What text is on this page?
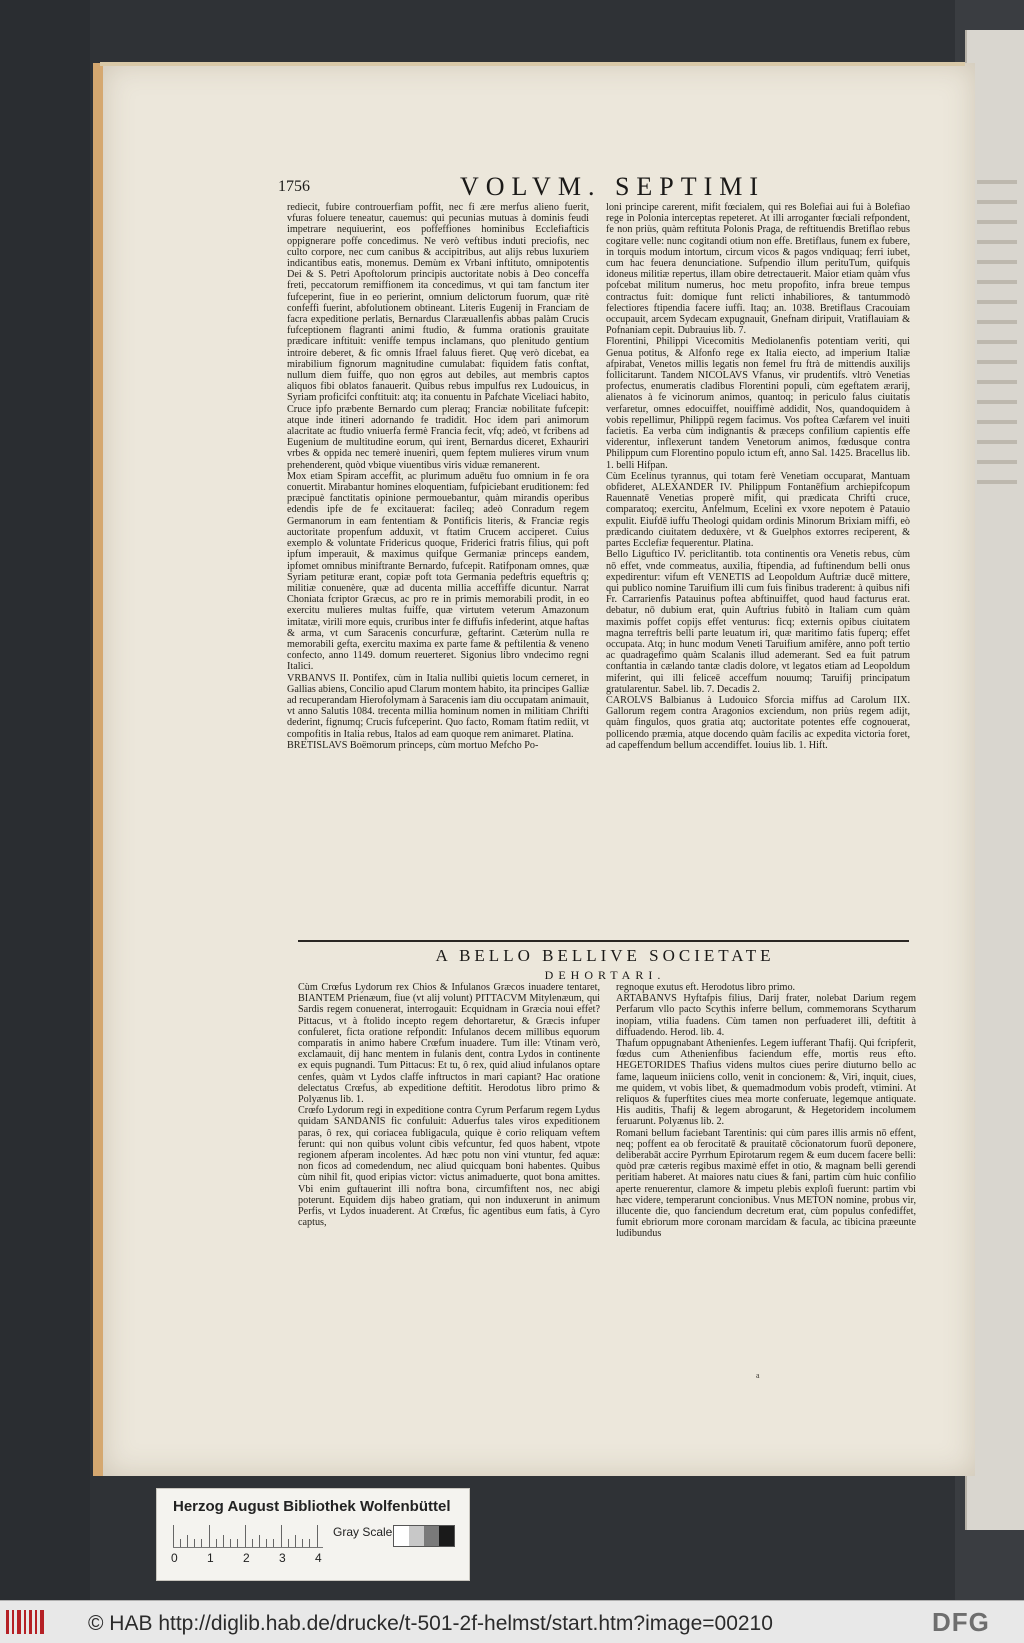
1756	VOLVM. SEPTIMI

rediecit, fubire controuerfiam poffit, nec fi ære merfus alieno fuerit, vfuras foluere teneatur, cauemus: qui pecunias mutuas à dominis feudi impetrare nequiuerint, eos poffeffiones hominibus Ecclefiafticis oppignerare poffe concedimus. Ne verò veftibus induti preciofis, nec culto corpore, nec cum canibus & accipitribus, aut alijs rebus luxuriem indicantibus eatis, monemus. Demùm ex Vrbani inftituto, omnipotentis Dei & S. Petri Apoftolorum principis auctoritate nobis à Deo conceffa freti, peccatorum remiffionem ita concedimus, vt qui tam fanctum iter fufceperint, fiue in eo perierint, omnium delictorum fuorum, quæ ritè confeffi fuerint, abfolutionem obtineant. Literis Eugenij in Franciam de facra expeditione perlatis, Bernardus Claræuallenfis abbas palàm Crucis fufceptionem flagranti animi ftudio, & fumma orationis grauitate prædicare inftituit: veniffe tempus inclamans, quo plenitudo gentium introire deberet, & fic omnis Ifrael faluus fieret. Quę verò dicebat, ea mirabilium fignorum magnitudine cumulabat: fiquidem fatis conftat, nullum diem fuiffe, quo non ęgros aut debiles, aut membris captos aliquos fibi oblatos fanauerit. Quibus rebus impulfus rex Ludouicus, in Syriam proficifci conftituit: atq; ita conuentu in Pafchate Viceliaci habito, Cruce ipfo præbente Bernardo cum pleraq; Franciæ nobilitate fufcepit: atque inde itineri adornando fe tradidit. Hoc idem pari animorum alacritate ac ftudio vniuerfa fermè Francia fecit, vfq; adeò, vt fcribens ad Eugenium de multitudine eorum, qui irent, Bernardus diceret, Exhauriri vrbes & oppida nec temerè inueniri, quem feptem mulieres virum vnum prehenderent, quòd vbique viuentibus viris viduæ remanerent.

Mox etiam Spiram acceffit, ac plurimum aduētu fuo omnium in fe ora conuertit. Mirabantur homines eloquentiam, fufpiciebant eruditionem: fed præcipuè fanctitatis opinione permouebantur, quàm mirandis operibus edendis ipfe de fe excitauerat: facileq; adeò Conradum regem Germanorum in eam fententiam & Pontificis literis, & Franciæ regis auctoritate propenfum adduxit, vt ftatim Crucem acciperet. Cuius exemplo & voluntate Fridericus quoque, Friderici fratris filius, qui poft ipfum imperauit, & maximus quifque Germaniæ princeps eandem, ipfomet omnibus miniftrante Bernardo, fufcepit. Ratifponam omnes, quæ Syriam petituræ erant, copiæ poft tota Germania pedeftris equeftris q; militiæ conuenère, quæ ad ducenta millia acceffiffe dicuntur. Narrat Choniata fcriptor Græcus, ac pro re in primis memorabili prodit, in eo exercitu mulieres multas fuiffe, quæ virtutem veterum Amazonum imitatæ, virili more equis, cruribus inter fe diffufis infederint, atque haftas & arma, vt cum Saracenis concurfuræ, geftarint. Cæterùm nulla re memorabili gefta, exercitu maxima ex parte fame & peftilentia & veneno confecto, anno 1149. domum reuerteret. Sigonius libro vndecimo regni Italici.

VRBANVS II. Pontifex, cùm in Italia nullibi quietis locum cerneret, in Gallias abiens, Concilio apud Clarum montem habito, ita principes Galliæ ad recuperandam Hierofolymam à Saracenis iam diu occupatam animauit, vt anno Salutis 1084. trecenta millia hominum nomen in militiam Chrifti dederint, fignumq; Crucis fufceperint. Quo facto, Romam ftatim rediit, vt compofitis in Italia rebus, Italos ad eam quoque rem animaret. Platina.

BRETISLAVS Boëmorum princeps, cùm mortuo Mefcho Po-

loni principe carerent, mifit fœcialem, qui res Bolefiai aui fui à Bolefiao rege in Polonia interceptas repeteret. At illi arroganter fœciali refpondent, fe non priùs, quàm reftituta Polonis Praga, de reftituendis Bretiflao rebus cogitare velle: nunc cogitandi otium non effe. Bretiflaus, funem ex fubere, in torquis modum intortum, circum vicos & pagos vndiquaq; ferri iubet, cum hac feuera denunciatione. Sufpendio illum perituTum, quifquis idoneus militiæ repertus, illam obire detrectauerit. Maior etiam quàm vfus pofcebat militum numerus, hoc metu propofito, infra breue tempus contractus fuit: domique funt relicti inhabiliores, & tantummodò felectiores ftipendia facere iuffi. Itaq; an. 1038. Bretiflaus Cracouiam occupauit, arcem Sydecam expugnauit, Gnefnam diripuit, Vratiflauiam & Pofnaniam cepit. Dubrauius lib. 7.

Florentini, Philippi Vicecomitis Mediolanenfis potentiam veriti, qui Genua potitus, & Alfonfo rege ex Italia eiecto, ad imperium Italiæ afpirabat, Venetos millis legatis non femel fru ftrà de mittendis auxilijs follicitarunt. Tandem NICOLAVS Vfanus, vir prudentifs. vltrò Venetias profectus, enumeratis cladibus Florentini populi, cùm egeftatem ærarij, alienatos à fe vicinorum animos, quantoq; in periculo falus ciuitatis verfaretur, omnes edocuiffet, nouiffimè addidit, Nos, quandoquidem à vobis repellimur, Philippū regem facimus. Vos poftea Cæfarem vel inuiti facietis. Ea verba cùm indignantis & præceps confilium capientis effe viderentur, inflexerunt tandem Venetorum animos, fœdusque contra Philippum cum Florentino populo ictum eft, anno Sal. 1425. Bracellus lib. 1. belli Hifpan.

Cùm Ecelinus tyrannus, qui totam ferè Venetiam occuparat, Mantuam obfideret, ALEXANDER IV. Philippum Fontanēfium archiepifcopum Rauennatē Venetias properè mifit, qui prædicata Chrifti cruce, comparatoq; exercitu, Anfelmum, Ecelini ex vxore nepotem è Patauio expulit. Eiufdē iuffu Theologi quidam ordinis Minorum Brixiam miffi, eò prædicando ciuitatem deduxère, vt & Guelphos extorres reciperent, & partes Ecclefiæ fequerentur. Platina.

Bello Liguftico IV. periclitantib. tota continentis ora Venetis rebus, cùm nō effet, vnde commeatus, auxilia, ftipendia, ad fuftinendum belli onus expedirentur: vifum eft VENETIS ad Leopoldum Auftriæ ducē mittere, qui publico nomine Taruifium illi cum fuis finibus traderent: à quibus nifi Fr. Carrarienfis Patauinus poftea abftinuiffet, quod haud facturus erat. debatur, nō dubium erat, quin Auftrius fubitò in Italiam cum quàm maximis poffet copijs effet venturus: ficq; externis opibus ciuitatem magna terreftris belli parte leuatum iri, quæ maritimo fatis fuperq; effet occupata. Atq; in hunc modum Veneti Taruifium amifère, anno poft tertio ac quadragefimo quàm Scalanis illud ademerant. Sed ea fuit patrum conftantia in cælando tantæ cladis dolore, vt legatos etiam ad Leopoldum miferint, qui illi feliceē acceffum nouumq; Taruifij principatum gratularentur. Sabel. lib. 7. Decadis 2.

CAROLVS Balbianus à Ludouico Sforcia miffus ad Carolum IIX. Gallorum regem contra Aragonios exciendum, non priùs regem adijt, quàm fingulos, quos gratia atq; auctoritate potentes effe cognouerat, pollicendo præmia, atque docendo quàm facilis ac expedita victoria foret, ad capeffendum bellum accendiffet. Iouius lib. 1. Hift.

A BELLO BELLIVE SOCIETATE
DEHORTARI.

Cùm Crœfus Lydorum rex Chios & Infulanos Græcos inuadere tentaret, BIANTEM Prienæum, fiue (vt alij volunt) PITTACVM Mitylenæum, qui Sardis regem conuenerat, interrogauit: Ecquidnam in Græcia noui effet? Pittacus, vt à ftolido incepto regem dehortaretur, & Græcis infuper confuleret, ficta oratione refpondit: Infulanos decem millibus equorum comparatis in animo habere Crœfum inuadere. Tum ille: Vtinam verò, exclamauit, dij hanc mentem in fulanis dent, contra Lydos in continente ex equis pugnandi. Tum Pittacus: Et tu, ô rex, quid aliud infulanos optare cenfes, quàm vt Lydos claffe inftructos in mari capiant? Hac oratione delectatus Crœfus, ab expeditione deftitit. Herodotus libro primo & Polyænus lib. 1.

Crœfo Lydorum regi in expeditione contra Cyrum Perfarum regem Lydus quidam SANDANIS fic confuluit: Aduerfus tales viros expeditionem paras, ô rex, qui coriacea fubligacula, quique è corio reliquam veftem ferunt: qui non quibus volunt cibis vefcuntur, fed quos habent, vtpote regionem afperam incolentes. Ad hæc potu non vini vtuntur, fed aquæ: non ficos ad comedendum, nec aliud quicquam boni habentes. Quibus cùm nihil fit, quod eripias victor: victus animaduerte, quot bona amittes. Vbi enim guftauerint illi noftra bona, circumfiftent nos, nec abigi poterunt. Equidem dijs habeo gratiam, qui non induxerunt in animum Perfis, vt Lydos inuaderent. At Crœfus, fic agentibus eum fatis, à Cyro captus,

regnoque exutus eft. Herodotus libro primo.

ARTABANVS Hyftafpis filius, Darij frater, nolebat Darium regem Perfarum vllo pacto Scythis inferre bellum, commemorans Scytharum inopiam, vtilia fuadens. Cùm tamen non perfuaderet illi, deftitit à diffuadendo. Herod. lib. 4.

Thafum oppugnabant Athenienfes. Legem iufferant Thafij. Qui fcripferit, fœdus cum Athenienfibus faciendum effe, mortis reus efto. HEGETORIDES Thafius videns multos ciues perire diuturno bello ac fame, laqueum iniiciens collo, venit in concionem: &, Viri, inquit, ciues, me quidem, vt vobis libet, & quemadmodum vobis prodeft, vtimini. At reliquos & fuperftites ciues mea morte conferuate, legemque antiquate. His auditis, Thafij & legem abrogarunt, & Hegetoridem incolumem feruarunt. Polyænus lib. 2.

Romani bellum faciebant Tarentinis: qui cùm pares illis armis nō effent, neq; poffent ea ob ferocitatē & prauitatē cōcionatorum fuorū deponere, deliberabāt accire Pyrrhum Epirotarum regem & eum ducem facere belli: quòd præ cæteris regibus maximè effet in otio, & magnam belli gerendi peritiam haberet. At maiores natu ciues & fani, partim cùm huic confilio aperte renuerentur, clamore & impetu plebis exploſi fuerunt: partim vbi hæc videre, temperarunt concionibus. Vnus METON nomine, probus vir, illucente die, quo fanciendum decretum erat, cùm populus confediffet, fumit ebriorum more coronam marcidam & facula, ac tibicina præeunte ludibundus

a
Herzog August Bibliothek Wolfenbüttel
0 1 2 3 4
Gray Scale
© HAB http://diglib.hab.de/drucke/t-501-2f-helmst/start.htm?image=00210	DFG
